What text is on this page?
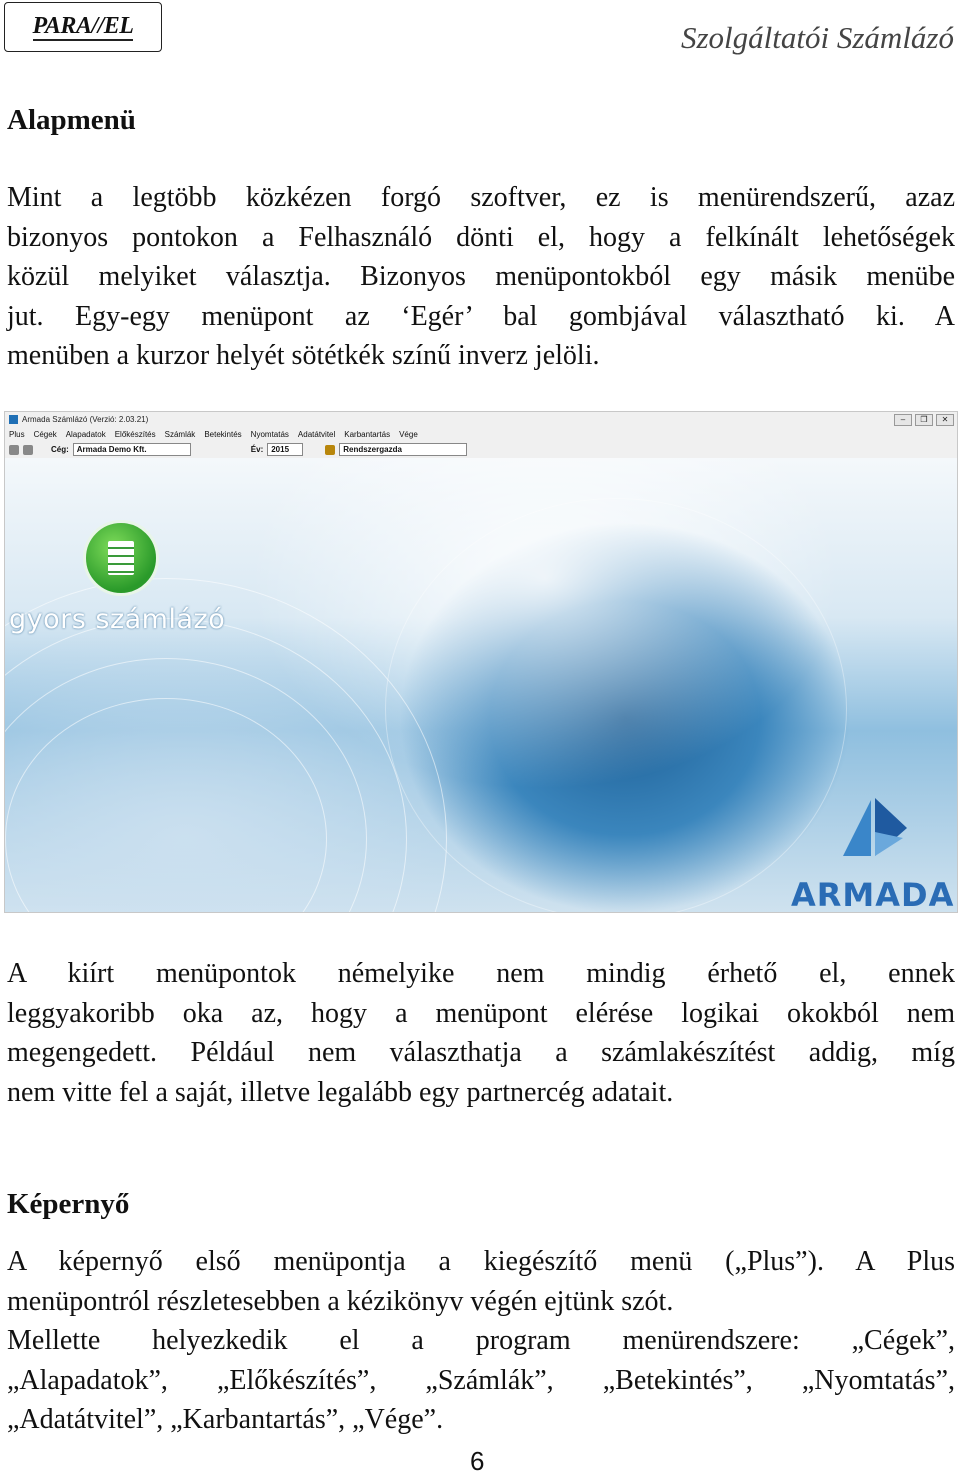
PARA//EL	Szolgáltatói Számlázó
Alapmenü
Mint a legtöbb közkézen forgó szoftver, ez is menürendszerű, azaz
bizonyos pontokon a Felhasználó dönti el, hogy a felkínált lehetőségek
közül melyiket választja. Bizonyos menüpontokból egy másik menübe
jut. Egy-egy menüpont az ‘Egér’ bal gombjával választható ki. A
menüben a kurzor helyét sötétkék színű inverz jelöli.
Armada Számlázó (Verzió: 2.03.21)	–	❐	✕
Plus Cégek Alapadatok Előkészítés Számlák Betekintés Nyomtatás Adatátvitel Karbantartás Vége
Cég:	Armada Demo Kft.	Év:	2015	Rendszergazda
gyors számlázó
ARMADA
A kiírt menüpontok némelyike nem mindig érhető el, ennek
leggyakoribb oka az, hogy a menüpont elérése logikai okokból nem
megengedett. Például nem választhatja a számlakészítést addig, míg
nem vitte fel a saját, illetve legalább egy partnercég adatait.
Képernyő
A képernyő első menüpontja a kiegészítő menü („Plus”). A Plus
menüpontról részletesebben a kézikönyv végén ejtünk szót.
Mellette helyezkedik el a program menürendszere: „Cégek”,
„Alapadatok”, „Előkészítés”, „Számlák”, „Betekintés”, „Nyomtatás”,
„Adatátvitel”, „Karbantartás”, „Vége”.
6
